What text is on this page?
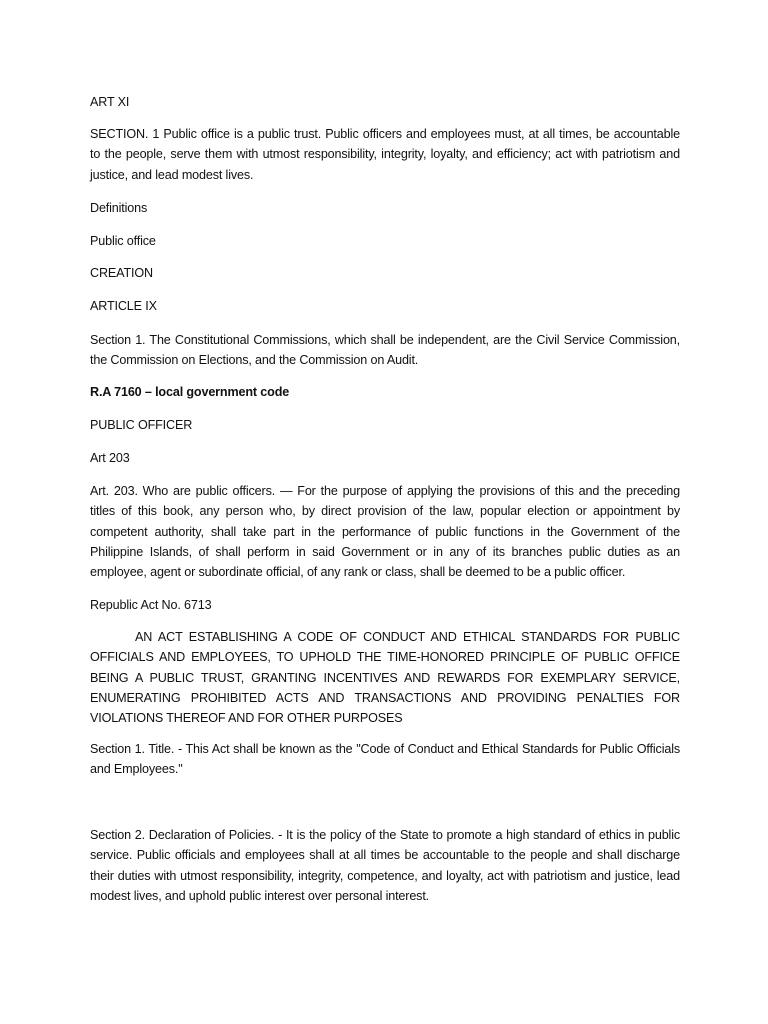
ART XI

SECTION. 1 Public office is a public trust. Public officers and employees must, at all times, be accountable to the people, serve them with utmost responsibility, integrity, loyalty, and efficiency; act with patriotism and justice, and lead modest lives.

Definitions

Public office

CREATION

ARTICLE IX

Section 1. The Constitutional Commissions, which shall be independent, are the Civil Service Commission, the Commission on Elections, and the Commission on Audit.

R.A 7160 – local government code

PUBLIC OFFICER

Art 203

Art. 203. Who are public officers. — For the purpose of applying the provisions of this and the preceding titles of this book, any person who, by direct provision of the law, popular election or appointment by competent authority, shall take part in the performance of public functions in the Government of the Philippine Islands, of shall perform in said Government or in any of its branches public duties as an employee, agent or subordinate official, of any rank or class, shall be deemed to be a public officer.

Republic Act No. 6713

AN ACT ESTABLISHING A CODE OF CONDUCT AND ETHICAL STANDARDS FOR PUBLIC OFFICIALS AND EMPLOYEES, TO UPHOLD THE TIME-HONORED PRINCIPLE OF PUBLIC OFFICE BEING A PUBLIC TRUST, GRANTING INCENTIVES AND REWARDS FOR EXEMPLARY SERVICE, ENUMERATING PROHIBITED ACTS AND TRANSACTIONS AND PROVIDING PENALTIES FOR VIOLATIONS THEREOF AND FOR OTHER PURPOSES

Section 1. Title. - This Act shall be known as the "Code of Conduct and Ethical Standards for Public Officials and Employees."

Section 2. Declaration of Policies. - It is the policy of the State to promote a high standard of ethics in public service. Public officials and employees shall at all times be accountable to the people and shall discharge their duties with utmost responsibility, integrity, competence, and loyalty, act with patriotism and justice, lead modest lives, and uphold public interest over personal interest.
